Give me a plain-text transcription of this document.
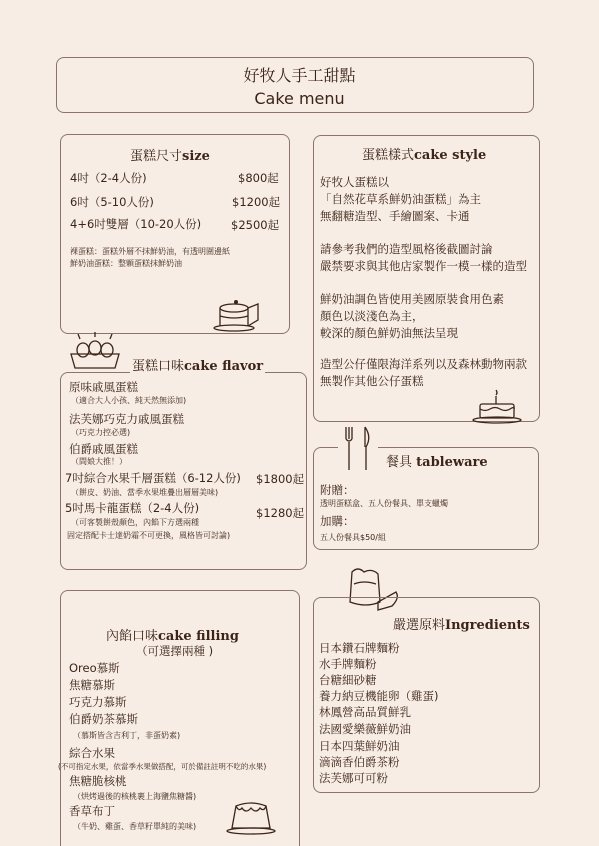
好牧人手工甜點
Cake menu
蛋糕尺寸size
4吋（2-4人份)	$800起
6吋（5-10人份)	$1200起
4+6吋雙層（10-20人份)	$2500起
裸蛋糕：蛋糕外層不抹鮮奶油，有透明圍邊紙
鮮奶油蛋糕：整顆蛋糕抹鮮奶油
蛋糕樣式cake style
好牧人蛋糕以
「自然花草系鮮奶油蛋糕」為主
無翻糖造型、手繪圖案、卡通
請參考我們的造型風格後截圖討論
嚴禁要求與其他店家製作一模一樣的造型
鮮奶油調色皆使用美國原裝食用色素
顏色以淡淺色為主，
較深的顏色鮮奶油無法呈現
造型公仔僅限海洋系列以及森林動物兩款
無製作其他公仔蛋糕
蛋糕口味cake flavor
原味戚風蛋糕
（適合大人小孩、純天然無添加)
法芙娜巧克力戚風蛋糕
（巧克力控必選)
伯爵戚風蛋糕
（間娘大推！）
7吋綜合水果千層蛋糕（6-12人份) $1800起
（餅皮、奶油、當季水果堆疊出層層美味)
5吋馬卡龍蛋糕（2-4人份)	$1280起
（可客製餅殼顏色，內餡下方選兩種
固定搭配卡士達奶霜不可更換，風格皆可討論)
餐具 tableware
附贈：
透明蛋糕盒、五人份餐具、單支蠟燭
加購：
五人份餐具$50/組
內餡口味cake filling
（可選擇兩種 )
Oreo慕斯
焦糖慕斯
巧克力慕斯
伯爵奶茶慕斯
（慕斯皆含吉利丁，非蛋奶素)
綜合水果
(不可指定水果，依當季水果做搭配，可於備註註明不吃的水果)
焦糖脆核桃
（烘烤過後的核桃裹上海鹽焦糖醬)
香草布丁
（牛奶、雞蛋、香草籽單純的美味)
嚴選原料Ingredients
日本鑽石牌麵粉
水手牌麵粉
台糖細砂糖
養力納豆機能卵（雞蛋)
林鳳營高品質鮮乳
法國愛樂薇鮮奶油
日本四葉鮮奶油
滴滴香伯爵茶粉
法芙娜可可粉
